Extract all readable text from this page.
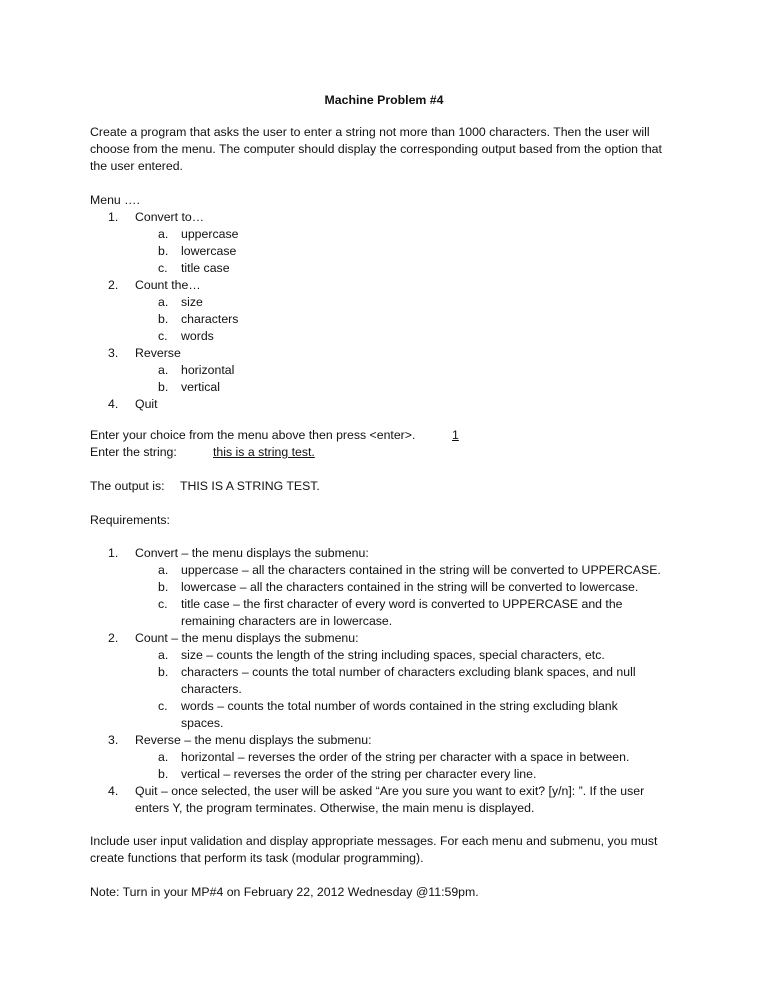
Machine Problem #4
Create a program that asks the user to enter a string not more than 1000 characters. Then the user will choose from the menu. The computer should display the corresponding output based from the option that the user entered.
Menu ….
1. Convert to…
a. uppercase
b. lowercase
c. title case
2. Count the…
a. size
b. characters
c. words
3. Reverse
a. horizontal
b. vertical
4. Quit
Enter your choice from the menu above then press <enter>.	1
Enter the string:	this is a string test.
The output is: THIS IS A STRING TEST.
Requirements:
1. Convert – the menu displays the submenu:
a. uppercase – all the characters contained in the string will be converted to UPPERCASE.
b. lowercase – all the characters contained in the string will be converted to lowercase.
c. title case – the first character of every word is converted to UPPERCASE and the remaining characters are in lowercase.
2. Count – the menu displays the submenu:
a. size – counts the length of the string including spaces, special characters, etc.
b. characters – counts the total number of characters excluding blank spaces, and null characters.
c. words – counts the total number of words contained in the string excluding blank spaces.
3. Reverse – the menu displays the submenu:
a. horizontal – reverses the order of the string per character with a space in between.
b. vertical – reverses the order of the string per character every line.
4. Quit – once selected, the user will be asked “Are you sure you want to exit? [y/n]: ”. If the user enters Y, the program terminates. Otherwise, the main menu is displayed.
Include user input validation and display appropriate messages. For each menu and submenu, you must create functions that perform its task (modular programming).
Note: Turn in your MP#4 on February 22, 2012 Wednesday @11:59pm.
